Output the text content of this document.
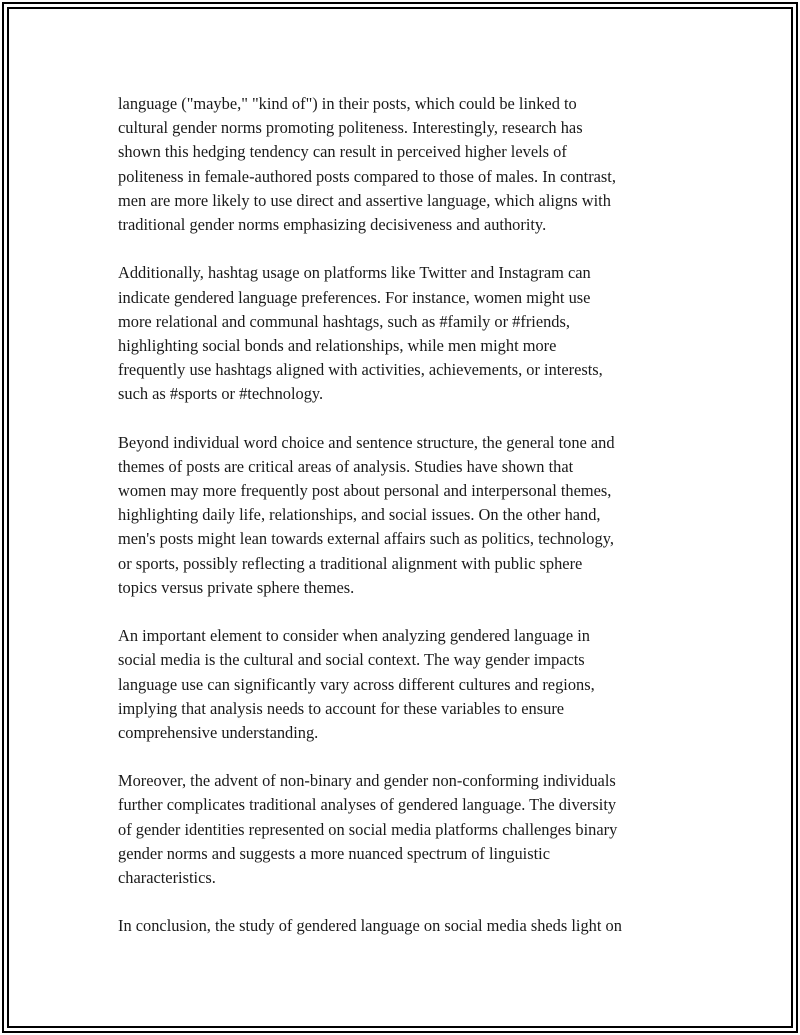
language ("maybe," "kind of") in their posts, which could be linked to
cultural gender norms promoting politeness. Interestingly, research has
shown this hedging tendency can result in perceived higher levels of
politeness in female-authored posts compared to those of males. In contrast,
men are more likely to use direct and assertive language, which aligns with
traditional gender norms emphasizing decisiveness and authority.

Additionally, hashtag usage on platforms like Twitter and Instagram can
indicate gendered language preferences. For instance, women might use
more relational and communal hashtags, such as #family or #friends,
highlighting social bonds and relationships, while men might more
frequently use hashtags aligned with activities, achievements, or interests,
such as #sports or #technology.

Beyond individual word choice and sentence structure, the general tone and
themes of posts are critical areas of analysis. Studies have shown that
women may more frequently post about personal and interpersonal themes,
highlighting daily life, relationships, and social issues. On the other hand,
men's posts might lean towards external affairs such as politics, technology,
or sports, possibly reflecting a traditional alignment with public sphere
topics versus private sphere themes.

An important element to consider when analyzing gendered language in
social media is the cultural and social context. The way gender impacts
language use can significantly vary across different cultures and regions,
implying that analysis needs to account for these variables to ensure
comprehensive understanding.

Moreover, the advent of non-binary and gender non-conforming individuals
further complicates traditional analyses of gendered language. The diversity
of gender identities represented on social media platforms challenges binary
gender norms and suggests a more nuanced spectrum of linguistic
characteristics.

In conclusion, the study of gendered language on social media sheds light on
